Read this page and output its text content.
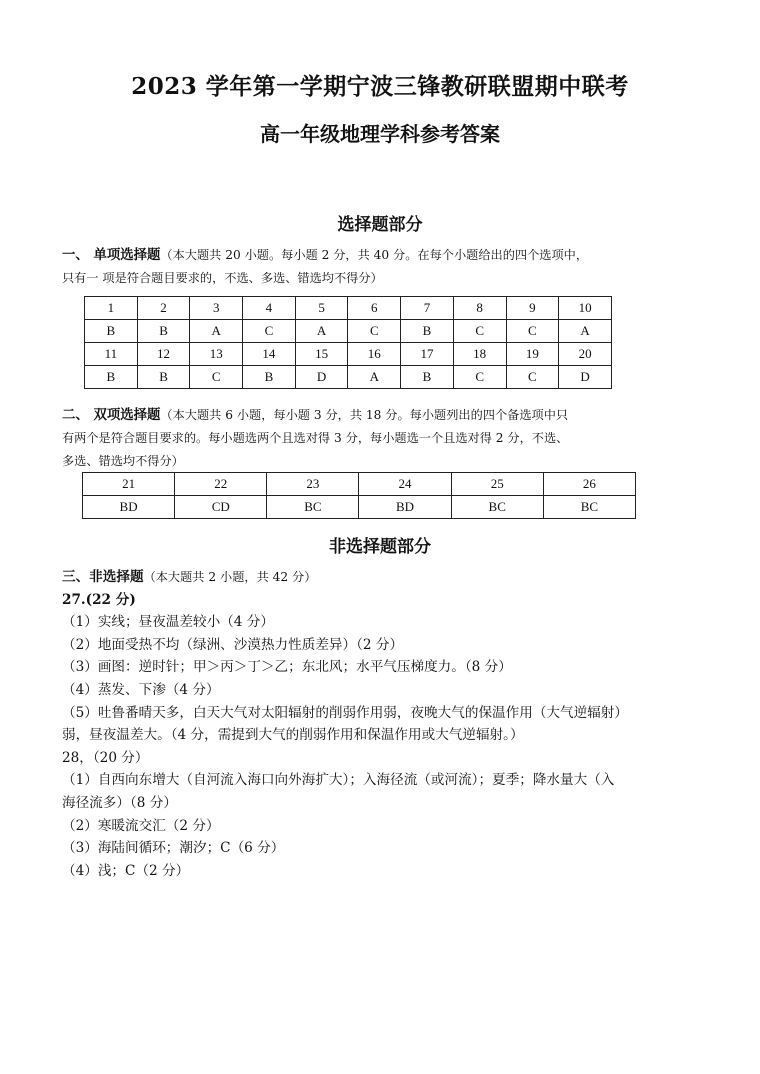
2023 学年第一学期宁波三锋教研联盟期中联考
高一年级地理学科参考答案
选择题部分
一、 单项选择题（本大题共 20 小题。每小题 2 分，共 40 分。在每个小题给出的四个选项中，
只有一 项是符合题目要求的，不选、多选、错选均不得分）
1	2	3	4	5	6	7	8	9	10
B	B	A	C	A	C	B	C	C	A
11	12	13	14	15	16	17	18	19	20
B	B	C	B	D	A	B	C	C	D
二、 双项选择题（本大题共 6 小题，每小题 3 分，共 18 分。每小题列出的四个备选项中只
有两个是符合题目要求的。每小题选两个且选对得 3 分，每小题选一个且选对得 2 分，不选、
多选、错选均不得分）
21	22	23	24	25	26
BD	CD	BC	BD	BC	BC
非选择题部分
三、非选择题（本大题共 2 小题，共 42 分）
27.(22 分)
（1）实线；昼夜温差较小（4 分）
（2）地面受热不均（绿洲、沙漠热力性质差异）（2 分）
（3）画图：逆时针；甲＞丙＞丁＞乙；东北风；水平气压梯度力。（8 分）
（4）蒸发、下渗（4 分）
（5）吐鲁番晴天多，白天大气对太阳辐射的削弱作用弱，夜晚大气的保温作用（大气逆辐射）
弱，昼夜温差大。（4 分，需提到大气的削弱作用和保温作用或大气逆辐射。）
28，（20 分）
（1）自西向东增大（自河流入海口向外海扩大）；入海径流（或河流）；夏季；降水量大（入
海径流多）（8 分）
（2）寒暖流交汇（2 分）
（3）海陆间循环；潮汐；C（6 分）
（4）浅；C（2 分）
